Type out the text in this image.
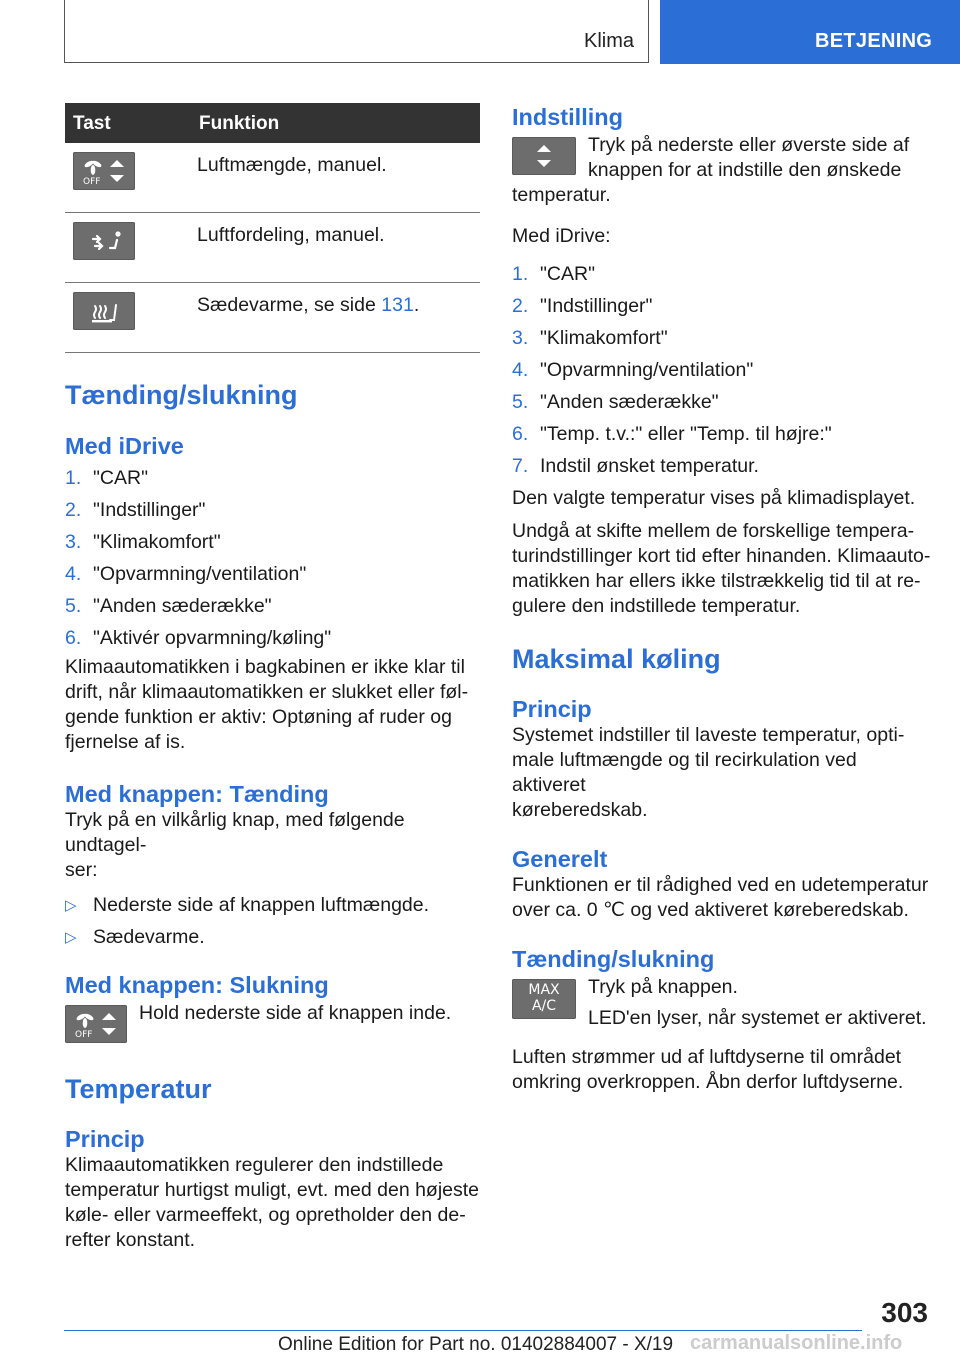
Klima	BETJENING
Tast	Funktion

OFF	Luftmængde, manuel.

	Luftfordeling, manuel.

	Sædevarme, se side 131.
Tænding/slukning
Med iDrive
1. "CAR"
2. "Indstillinger"
3. "Klimakomfort"
4. "Opvarmning/ventilation"
5. "Anden sæderække"
6. "Aktivér opvarmning/køling"

Klimaautomatikken i bagkabinen er ikke klar til
drift, når klimaautomatikken er slukket eller føl-
gende funktion er aktiv: Optøning af ruder og
fjernelse af is.

Med knappen: Tænding

Tryk på en vilkårlig knap, med følgende undtagel-
ser:

▷ Nederste side af knappen luftmængde.
▷ Sædevarme.
Med knappen: Slukning
OFF
Hold nederste side af knappen inde.
Temperatur
Princip

Klimaautomatikken regulerer den indstillede
temperatur hurtigst muligt, evt. med den højeste
køle- eller varmeeffekt, og opretholder den de-
refter konstant.

Indstilling
Tryk på nederste eller øverste side af
knappen for at indstille den ønskede

temperatur.

Med iDrive:

1. "CAR"
2. "Indstillinger"
3. "Klimakomfort"
4. "Opvarmning/ventilation"
5. "Anden sæderække"
6. "Temp. t.v.:" eller "Temp. til højre:"
7. Indstil ønsket temperatur.

Den valgte temperatur vises på klimadisplayet.

Undgå at skifte mellem de forskellige tempera-
turindstillinger kort tid efter hinanden. Klimaauto-
matikken har ellers ikke tilstrækkelig tid til at re-
gulere den indstillede temperatur.

Maksimal køling
Princip

Systemet indstiller til laveste temperatur, opti-
male luftmængde og til recirkulation ved aktiveret
køreberedskab.

Generelt

Funktionen er til rådighed ved en udetemperatur
over ca. 0 ℃ og ved aktiveret køreberedskab.

Tænding/slukning
MAX
A/C
Tryk på knappen.
LED'en lyser, når systemet er aktiveret.

Luften strømmer ud af luftdyserne til området
omkring overkroppen. Åbn derfor luftdyserne.

303
Online Edition for Part no. 01402884007 - X/19 carmanualsonline.info
